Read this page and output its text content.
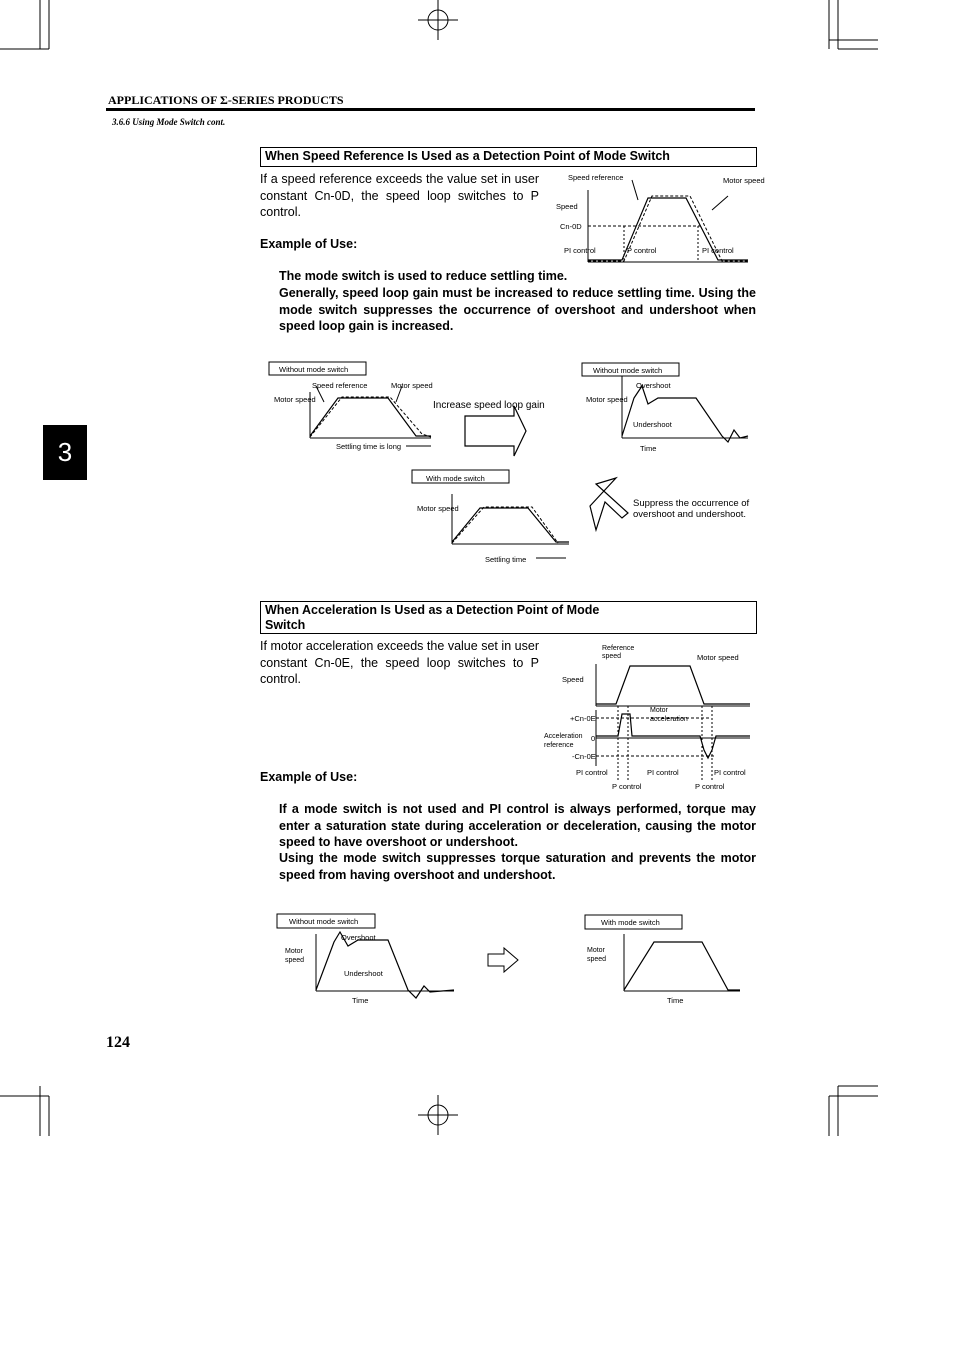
APPLICATIONS OF Σ-SERIES PRODUCTS
3.6.6 Using Mode Switch cont.
3
When Speed Reference Is Used as a Detection Point of Mode Switch
If a speed reference exceeds the value set in user constant Cn-0D, the speed loop switches to P control.
Example of Use:
The mode switch is used to reduce settling time.
Generally, speed loop gain must be increased to reduce settling time. Using the mode switch suppresses the occurrence of overshoot and undershoot when speed loop gain is increased.
Speed reference	Motor speed
Speed
Cn-0D
PI control	P control	PI control
Without mode switch
Speed reference	Motor speed
Motor speed
Settling time is long
Increase speed loop gain
Without mode switch
Overshoot
Motor speed
Undershoot
Time
With mode switch
Motor speed
Settling time
Suppress the occurrence of overshoot and undershoot.
When Acceleration Is Used as a Detection Point of Mode Switch
If motor acceleration exceeds the value set in user constant Cn-0E, the speed loop switches to P control.
Example of Use:
If a mode switch is not used and PI control is always performed, torque may enter a saturation state during acceleration or deceleration, causing the motor speed to have overshoot or undershoot.
Using the mode switch suppresses torque saturation and prevents the motor speed from having overshoot and undershoot.
Reference
speed	Motor speed
Speed
Motor
acceleration
+Cn-0E
Acceleration
reference
0
-Cn-0E
PI control	PI control	PI control
P control	P control
Without mode switch
Overshoot
Motor
speed
Undershoot
Time
With mode switch
Motor
speed
Time
124
